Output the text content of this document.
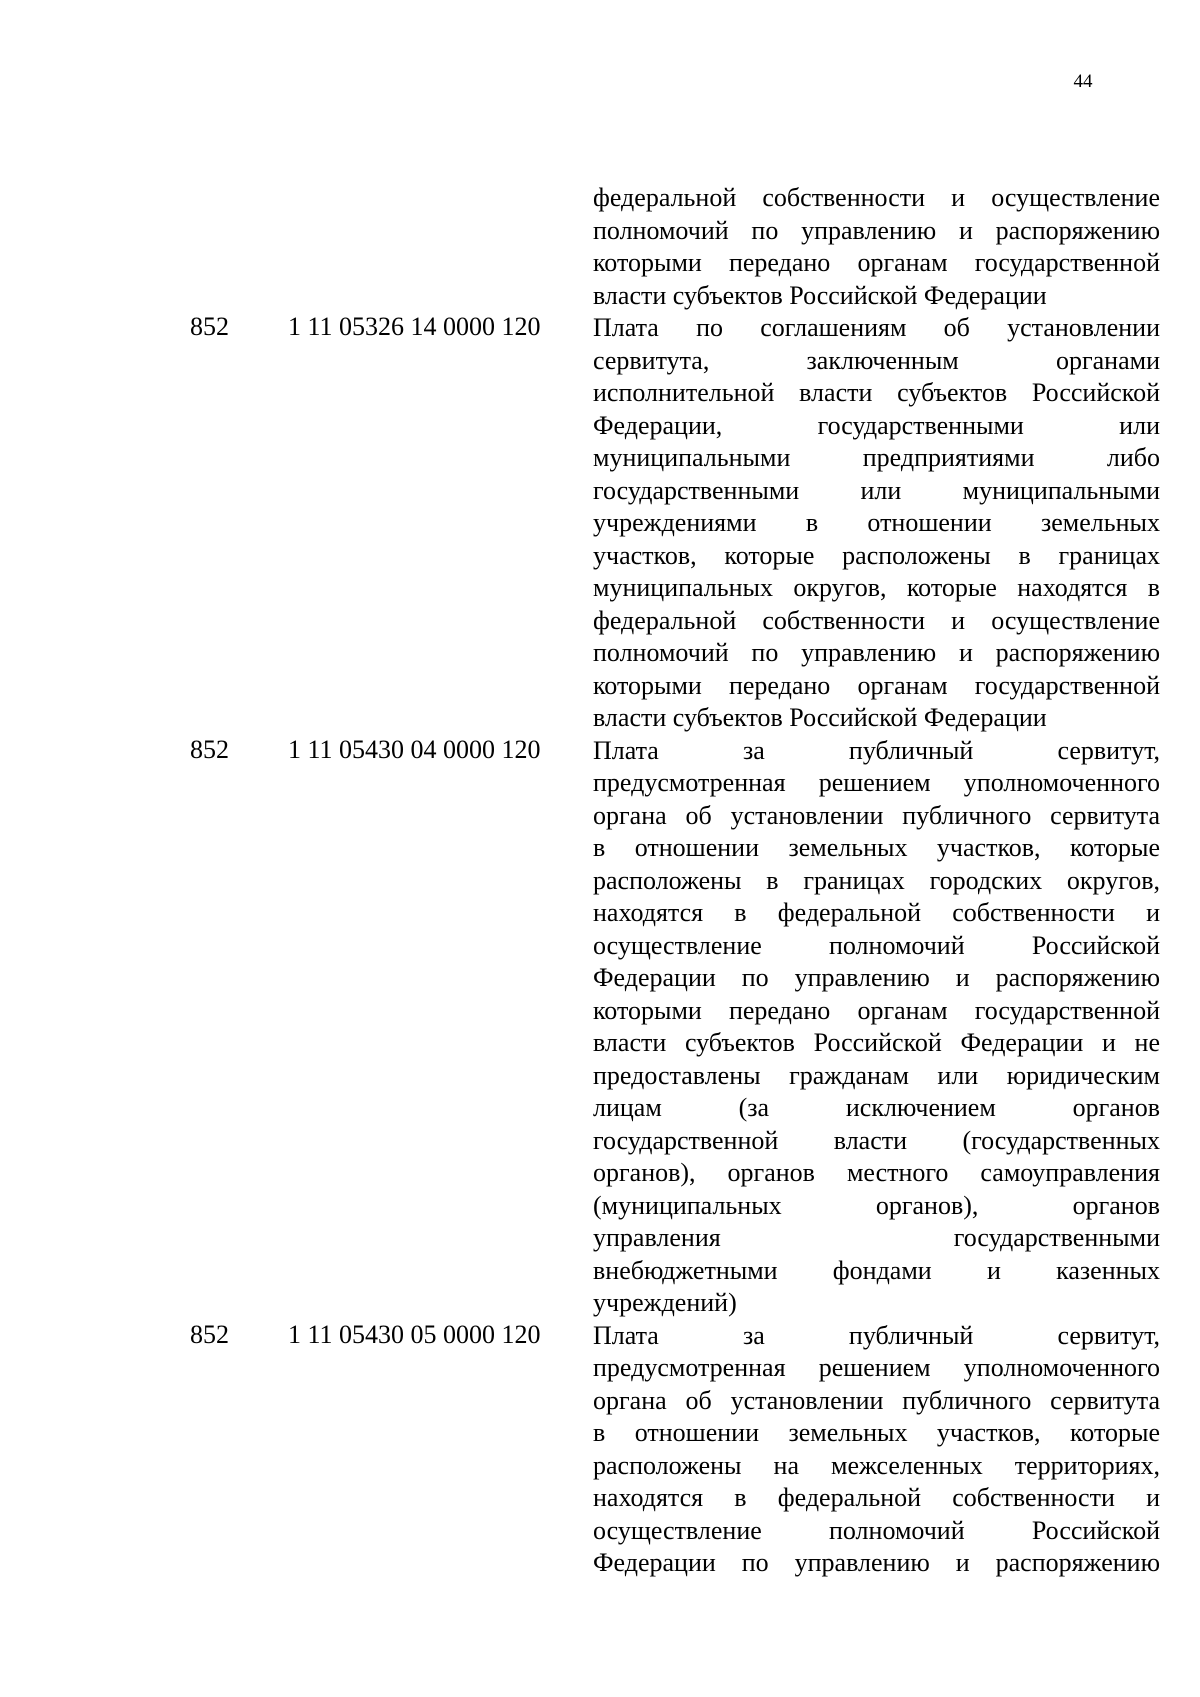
44
федеральной собственности и осуществление
полномочий по управлению и распоряжению
которыми передано органам государственной
власти субъектов Российской Федерации
852	1 11 05326 14 0000 120	Плата по соглашениям об установлении
сервитута, заключенным органами
исполнительной власти субъектов Российской
Федерации, государственными или
муниципальными предприятиями либо
государственными или муниципальными
учреждениями в отношении земельных
участков, которые расположены в границах
муниципальных округов, которые находятся в
федеральной собственности и осуществление
полномочий по управлению и распоряжению
которыми передано органам государственной
власти субъектов Российской Федерации
852	1 11 05430 04 0000 120	Плата за публичный сервитут,
предусмотренная решением уполномоченного
органа об установлении публичного сервитута
в отношении земельных участков, которые
расположены в границах городских округов,
находятся в федеральной собственности и
осуществление полномочий Российской
Федерации по управлению и распоряжению
которыми передано органам государственной
власти субъектов Российской Федерации и не
предоставлены гражданам или юридическим
лицам (за исключением органов
государственной власти (государственных
органов), органов местного самоуправления
(муниципальных органов), органов
управления государственными
внебюджетными фондами и казенных
учреждений)
852	1 11 05430 05 0000 120	Плата за публичный сервитут,
предусмотренная решением уполномоченного
органа об установлении публичного сервитута
в отношении земельных участков, которые
расположены на межселенных территориях,
находятся в федеральной собственности и
осуществление полномочий Российской
Федерации по управлению и распоряжению
